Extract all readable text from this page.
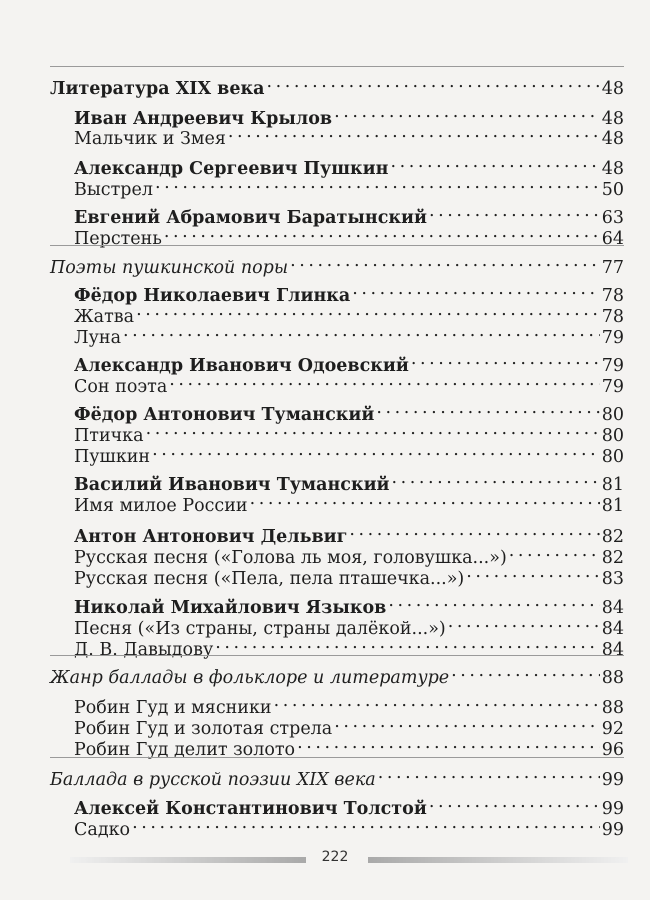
Литература XIX века . . .	48
Иван Андреевич Крылов . . .	48
Мальчик и Змея . . .	48
Александр Сергеевич Пушкин . . .	48
Выстрел . . .	50
Евгений Абрамович Баратынский . . .	63
Перстень . . .	64
Поэты пушкинской поры . . .	77
Фёдор Николаевич Глинка . . .	78
Жатва . . .	78
Луна . . .	79
Александр Иванович Одоевский . . .	79
Сон поэта . . .	79
Фёдор Антонович Туманский . . .	80
Птичка . . .	80
Пушкин . . .	80
Василий Иванович Туманский . . .	81
Имя милое России . . .	81
Антон Антонович Дельвиг . . .	82
Русская песня («Голова ль моя, головушка...») . . .	82
Русская песня («Пела, пела пташечка...») . . .	83
Николай Михайлович Языков . . .	84
Песня («Из страны, страны далёкой...») . . .	84
Д. В. Давыдову . . .	84
Жанр баллады в фольклоре и литературе . . .	88
Робин Гуд и мясники . . .	88
Робин Гуд и золотая стрела . . .	92
Робин Гуд делит золото . . .	96
Баллада в русской поэзии XIX века . . .	99
Алексей Константинович Толстой . . .	99
Садко . . .	99
222
